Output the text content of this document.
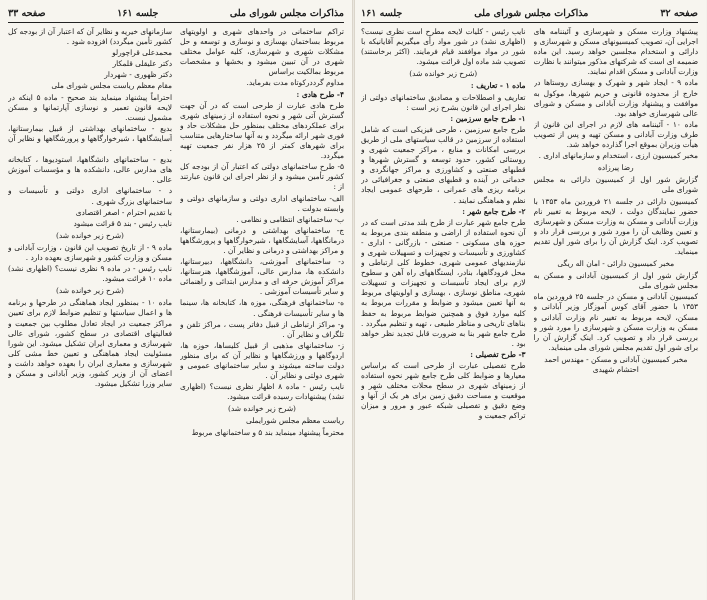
مذاکرات مجلس شورای ملی
جلسه ۱۶۱
صفحه ۳۳

تراکم ساختمانی در واحدهای شهری و اولویتهای مربوط بساختمان بهسازی و نوسازی و توسعه و حل مشکلات شهری و شهرسازی، کلیه عوامل مختلف شهری در آن تبیین میشود و بخشها و مشخصات مربوط بمالکیت براساس

مداوم گرددرکوتاه مدت بفرماید.

۴- طرح هادی :

طرح هادی عبارت از طرحی است که در آن جهت گسترش آتی شهر و نحوه استفاده از زمینهای شهری برای عملکردهای مختلف بمنظور حل مشکلات حاد و فوری شهر ارائه میگردد و به آنها ساختارهایی متناسب برای شهرهای کمتر از ۲۵ هزار نفر جمعیت تهیه میگردد.

۵- طرح ساختمانهای دولتی که اعتبار آن از بودجه کل کشور تأمین میشود و از نظر اجرای این قانون عبارتند از :

الف- ساختمانهای اداری دولتی و سازمانهای دولتی و وابسته بدولت .

ب- ساختمانهای انتظامی و نظامی .

ج- ساختمانهای بهداشتی و درمانی (بیمارستانها، درمانگاهها، آسایشگاهها ، شیرخوارگاهها و پرورشگاهها و مراکز بهداشتی و درمانی و نظایر آن .

د- ساختمانهای آموزشی، دانشگاهها، دبیرستانها، دانشکده ها، مدارس عالی، آموزشگاهها، هنرستانها، مراکز آموزش حرفه ای و مدارس ابتدائی و راهنمائی و سایر تأسیسات آموزشی .

ه- ساختمانهای فرهنگی، موزه ها، کتابخانه ها، سینما ها و سایر تأسیسات فرهنگی .

و- مراکز ارتباطی از قبیل دفاتر پست ، مراکز تلفن و تلگراف و نظایر آن .

ز- ساختمانهای مذهبی از قبیل کلیساها، حوزه ها، اردوگاهها و ورزشگاهها و نظایر آن که برای منظور دولت ساخته میشوند و سایر ساختمانهای عمومی و شهری دولتی و نظایر آن .

نایب رئیس - ماده ۸ اظهار نظری نیست؟ (اظهاری نشد) پیشنهادات رسیده قرائت میشود.

(شرح زیر خوانده شد)

ریاست معظم مجلس شورایملی

محترماً پیشنهاد مینماید بند ۵ و ساختمانهای مربوط

سازمانهای خیریه و نظایر آن که اعتبار آن از بودجه کل کشور تأمین میگردد) افزوده شود .

محمدعلی قراچورلو

دکتر علیقلی قلمکار

دکتر ظهوری - شهردار

مقام معظم ریاست مجلس شورای ملی

احتراماً پیشنهاد مینماید بند صحیح - ماده ۵ اینکه در لایحه قانون تعمیر و نوسازی آپارتمانها و مسکن مشمول نیست.

بدیع - ساختمانهای بهداشتی از قبیل بیمارستانها، آسایشگاهها ، شیرخوارگاهها و پرورشگاهها و نظایر آن .

بدیع - ساختمانهای دانشگاهها، استودیوها ، کتابخانه های مدارس عالی، دانشکده ها و مؤسسات آموزش عالی .

د - ساختمانهای اداری دولتی و تأسیسات و ساختمانهای بزرگ شهری .

با تقدیم احترام - اصغر اقتصادی

نایب رئیس - بند ۵ قرائت میشود

(شرح زیر خوانده شد)

ماده ۹ - از تاریخ تصویب این قانون ، وزارت آبادانی و مسکن و وزارت کشور و شهرسازی بعهده دارد .

نایب رئیس - در ماده ۹ نظری نیست؟ (اظهاری نشد) ماده ۱۰ قرائت میشود.

(شرح زیر خوانده شد)

ماده ۱۰ - بمنظور ایجاد هماهنگی در طرحها و برنامه ها و اعمال سیاستها و تنظیم ضوابط لازم برای تعیین مراکز جمعیت در ایجاد تعادل مطلوب بین جمعیت و فعالیتهای اقتصادی در سطح کشور، شورای عالی شهرسازی و معماری ایران تشکیل میشود. این شورا مسئولیت ایجاد هماهنگی و تعیین خط مشی کلی شهرسازی و معماری ایران را بعهده خواهد داشت و اعضای آن از وزیر کشور، وزیر آبادانی و مسکن و سایر وزرا تشکیل میشود.

صفحه ۳۲
مذاکرات مجلس شورای ملی
جلسه ۱۶۱

پیشنهاد وزارت مسکن و شهرسازی و آئیننامه های اجرایی آن، تصویب کمیسیونهای مسکن و شهرسازی و دارائی و استخدام مجلسین خواهد رسید. این ماده ضمیمه ای است که شرکتهای مذکور میتوانند با نظارت وزارت آبادانی و مسکن اقدام نمایند.

ماده ۹ - ایجاد شهر و شهرک و بهسازی روستاها در خارج از محدوده قانونی و حریم شهرها، موکول به موافقت و پیشنهاد وزارت آبادانی و مسکن و شورای عالی شهرسازی خواهد بود.

ماده ۱۰ - آئیننامه های لازم در اجرای این قانون از طرف وزارت آبادانی و مسکن تهیه و پس از تصویب هیأت وزیران بموقع اجرا گذارده خواهد شد.

مخبر کمیسیون ارزی ، استخدام و سازمانهای اداری .

رضا پیرزاده

گزارش شور اول از کمیسیون دارائی به مجلس شورای ملی

کمیسیون دارائی در جلسه ۲۱ فروردین ماه ۱۳۵۳ با حضور نمایندگان دولت ، لایحه مربوط به تغییر نام وزارت آبادانی و مسکن به وزارت مسکن و شهرسازی و تعیین وظایف آن را مورد شور و بررسی قرار داد و تصویب کرد. اینک گزارش آن را برای شور اول تقدیم مینماید.

مخبر کمیسیون دارائی - امان اله ریگی

گزارش شور اول از کمیسیون آبادانی و مسکن به مجلس شورای ملی

کمیسیون آبادانی و مسکن در جلسه ۲۵ فروردین ماه ۱۳۵۳ با حضور آقای کوس آموزگار وزیر آبادانی و مسکن، لایحه مربوط به تغییر نام وزارت آبادانی و مسکن به وزارت مسکن و شهرسازی را مورد شور و بررسی قرار داد و تصویب کرد. اینک گزارش آن را برای شور اول تقدیم مجلس شورای ملی مینماید.

مخبر کمیسیون آبادانی و مسکن - مهندس احمد احتشام شهیدی

نایب رئیس - کلیات لایحه مطرح است نظری نیست؟ (اظهاری نشد) در شور مواد رأی میگیریم آقایانیکه با شور در مواد موافقند قیام فرمایند. (اکثر برخاستند) تصویب شد ماده اول قرائت میشود.

(شرح زیر خوانده شد)

ماده ۱ - تعاریف :

تعاریف و اصطلاحات و مصادیق ساختمانهای دولتی از نظر اجرای این قانون بشرح زیر است :

۱- طرح جامع سرزمین :

طرح جامع سرزمین ، طرحی فیزیکی است که شامل استفاده از سرزمین در قالب سیاستهای ملی از طریق بررسی امکانات و منابع ، مراکز جمعیت شهری و روستائی کشور، حدود توسعه و گسترش شهرها و قطبهای صنعتی و کشاورزی و مراکز جهانگردی و خدماتی در آینده و قطبهای صنعتی و جغرافیائی در برنامه ریزی های عمرانی ، طرحهای عمومی ایجاد نظم و هماهنگی نمایند .

۲- طرح جامع شهر :

طرح جامع شهر عبارت از طرح بلند مدتی است که در آن نحوه استفاده از اراضی و منطقه بندی مربوط به حوزه های مسکونی - صنعتی - بازرگانی - اداری - کشاورزی و تأسیسات و تجهیزات و تسهیلات شهری و نیازمندیهای عمومی شهری، خطوط کلی ارتباطی و محل فرودگاهها، بنادر، ایستگاههای راه آهن و سطوح لازم برای ایجاد تأسیسات و تجهیزات و تسهیلات شهری، مناطق نوسازی ، بهسازی و اولویتهای مربوط به آنها تعیین میشود و ضوابط و مقررات مربوط به کلیه موارد فوق و همچنین ضوابط مربوط به حفظ بناهای تاریخی و مناظر طبیعی ، تهیه و تنظیم میگردد . طرح جامع شهر بنا به ضرورت قابل تجدید نظر خواهد بود .

۳- طرح تفصیلی :

طرح تفصیلی عبارت از طرحی است که براساس معیارها و ضوابط کلی طرح جامع شهر نحوه استفاده از زمینهای شهری در سطح محلات مختلف شهر و موقعیت و مساحت دقیق زمین برای هر یک از آنها و وضع دقیق و تفصیلی شبکه عبور و مرور و میزان تراکم جمعیت و
